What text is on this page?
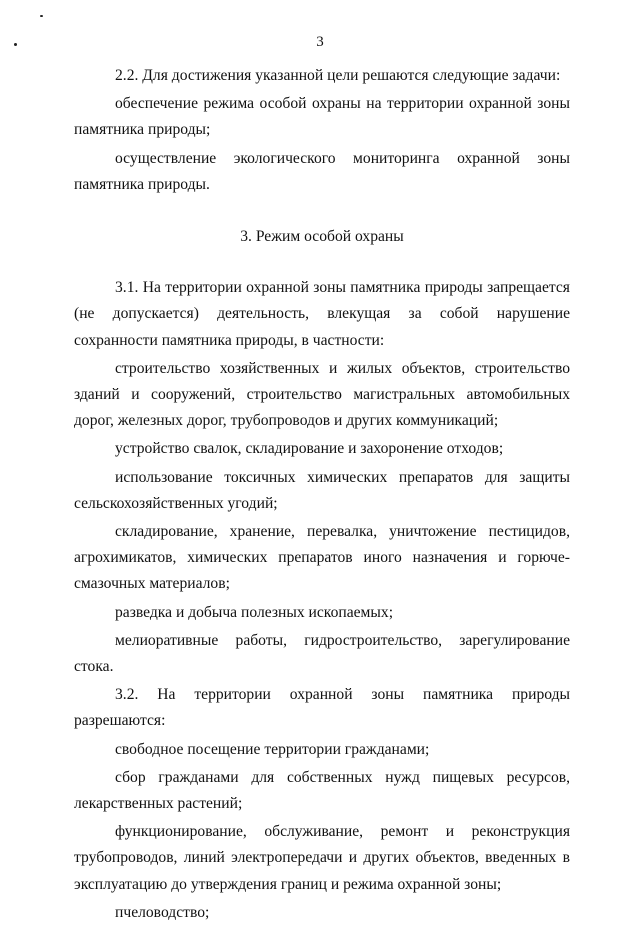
3

2.2. Для достижения указанной цели решаются следующие задачи:

обеспечение режима особой охраны на территории охранной зоны памятника природы;

осуществление экологического мониторинга охранной зоны памятника природы.

3. Режим особой охраны

3.1. На территории охранной зоны памятника природы запрещается (не допускается) деятельность, влекущая за собой нарушение сохранности памятника природы, в частности:

строительство хозяйственных и жилых объектов, строительство зданий и сооружений, строительство магистральных автомобильных дорог, железных дорог, трубопроводов и других коммуникаций;

устройство свалок, складирование и захоронение отходов;

использование токсичных химических препаратов для защиты сельскохозяйственных угодий;

складирование, хранение, перевалка, уничтожение пестицидов, агрохимикатов, химических препаратов иного назначения и горюче-смазочных материалов;

разведка и добыча полезных ископаемых;

мелиоративные работы, гидростроительство, зарегулирование стока.

3.2. На территории охранной зоны памятника природы разрешаются:

свободное посещение территории гражданами;

сбор гражданами для собственных нужд пищевых ресурсов, лекарственных растений;

функционирование, обслуживание, ремонт и реконструкция трубопроводов, линий электропередачи и других объектов, введенных в эксплуатацию до утверждения границ и режима охранной зоны;

пчеловодство;
